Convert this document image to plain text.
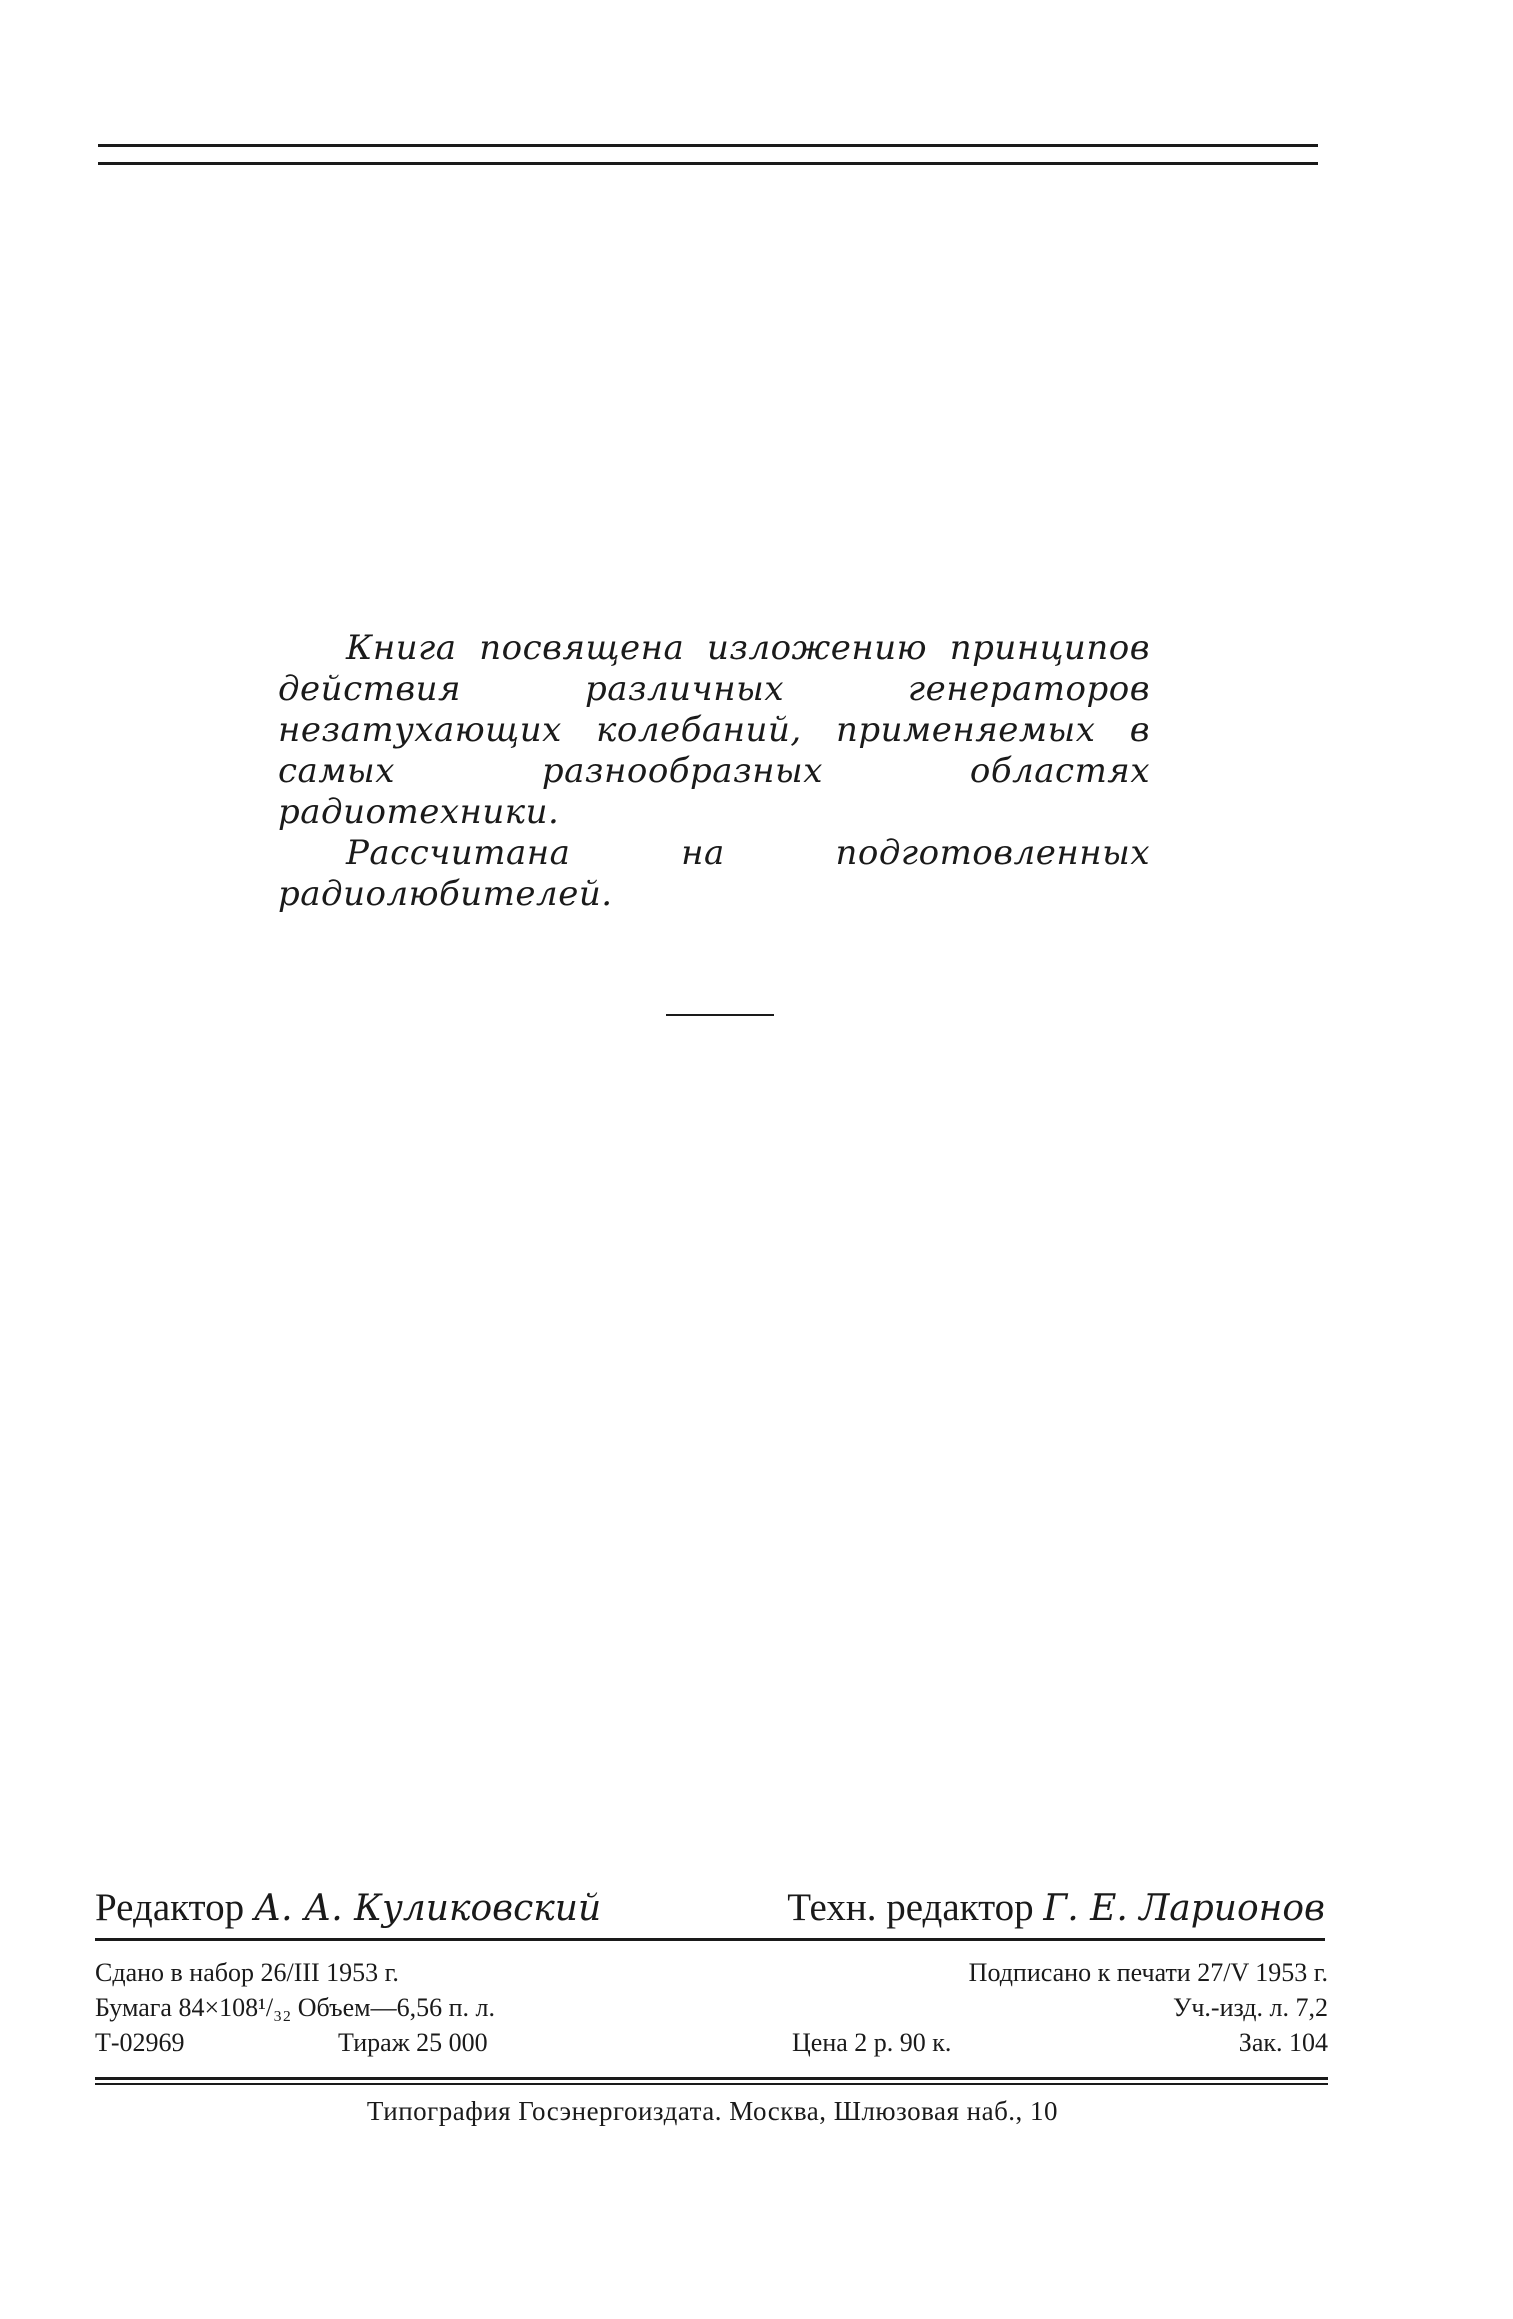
Книга посвящена изложению принципов действия различных генераторов незатухающих колебаний, применяемых в самых разнообразных областях радиотехники.

Рассчитана на подготовленных радиолюбителей.

Редактор А. А. Куликовский	Техн. редактор Г. Е. Ларионов
Сдано в набор 26/III 1953 г.	Подписано к печати 27/V 1953 г.
Бумага 84×108¹/₃₂ Объем—6,56 п. л.	Уч.-изд. л. 7,2
Т-02969	Тираж 25 000	Цена 2 р. 90 к.	Зак. 104
Типография Госэнергоиздата. Москва, Шлюзовая наб., 10
